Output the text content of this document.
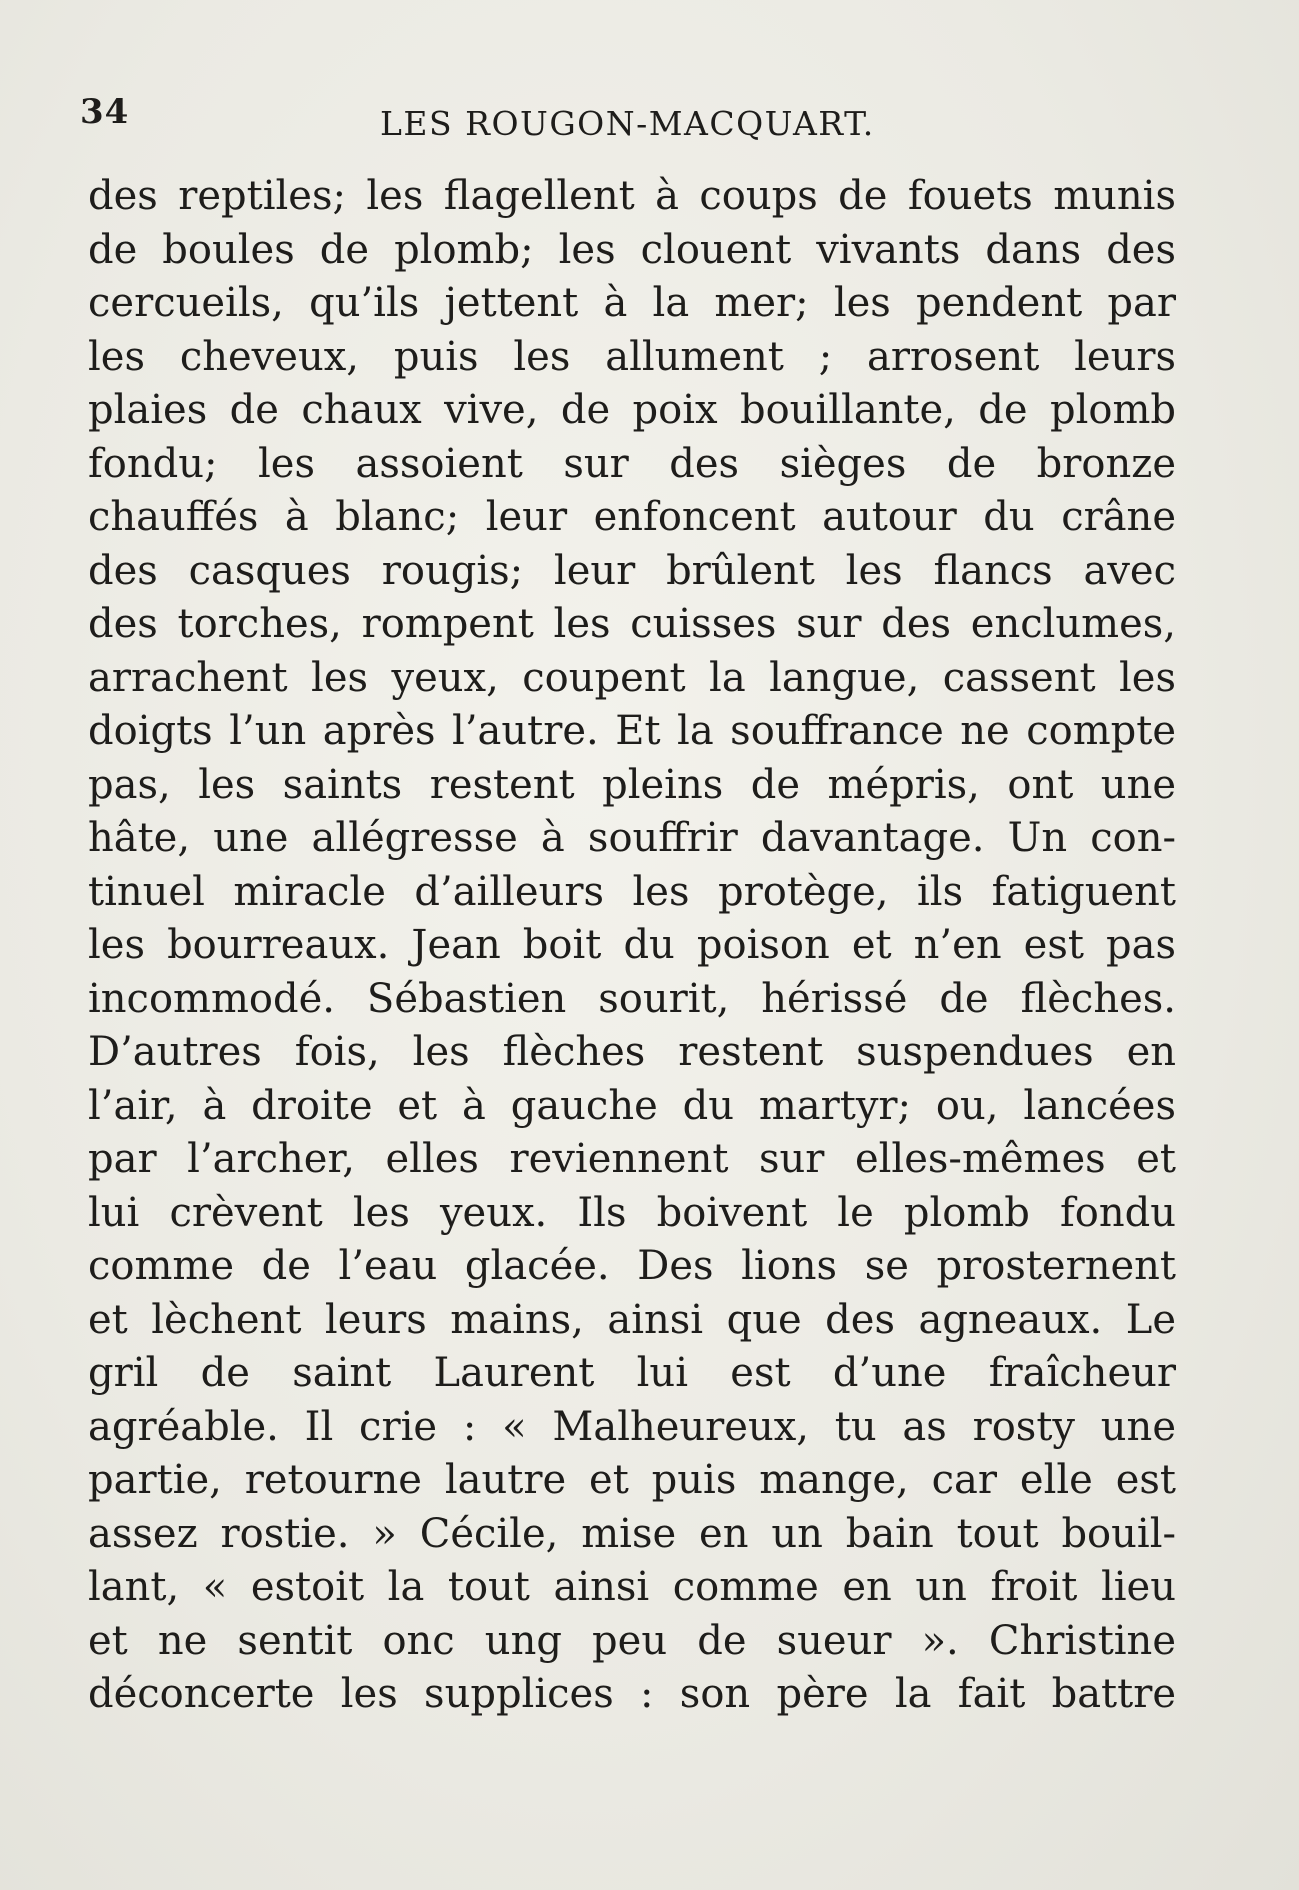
34	LES ROUGON-MACQUART.
des reptiles; les flagellent à coups de fouets munis
de boules de plomb; les clouent vivants dans des
cercueils, qu’ils jettent à la mer; les pendent par
les cheveux, puis les allument ; arrosent leurs
plaies de chaux vive, de poix bouillante, de plomb
fondu; les assoient sur des sièges de bronze
chauffés à blanc; leur enfoncent autour du crâne
des casques rougis; leur brûlent les flancs avec
des torches, rompent les cuisses sur des enclumes,
arrachent les yeux, coupent la langue, cassent les
doigts l’un après l’autre. Et la souffrance ne compte
pas, les saints restent pleins de mépris, ont une
hâte, une allégresse à souffrir davantage. Un con-
tinuel miracle d’ailleurs les protège, ils fatiguent
les bourreaux. Jean boit du poison et n’en est pas
incommodé. Sébastien sourit, hérissé de flèches.
D’autres fois, les flèches restent suspendues en
l’air, à droite et à gauche du martyr; ou, lancées
par l’archer, elles reviennent sur elles-mêmes et
lui crèvent les yeux. Ils boivent le plomb fondu
comme de l’eau glacée. Des lions se prosternent
et lèchent leurs mains, ainsi que des agneaux. Le
gril de saint Laurent lui est d’une fraîcheur
agréable. Il crie : « Malheureux, tu as rosty une
partie, retourne lautre et puis mange, car elle est
assez rostie. » Cécile, mise en un bain tout bouil-
lant, « estoit la tout ainsi comme en un froit lieu
et ne sentit onc ung peu de sueur ». Christine
déconcerte les supplices : son père la fait battre
